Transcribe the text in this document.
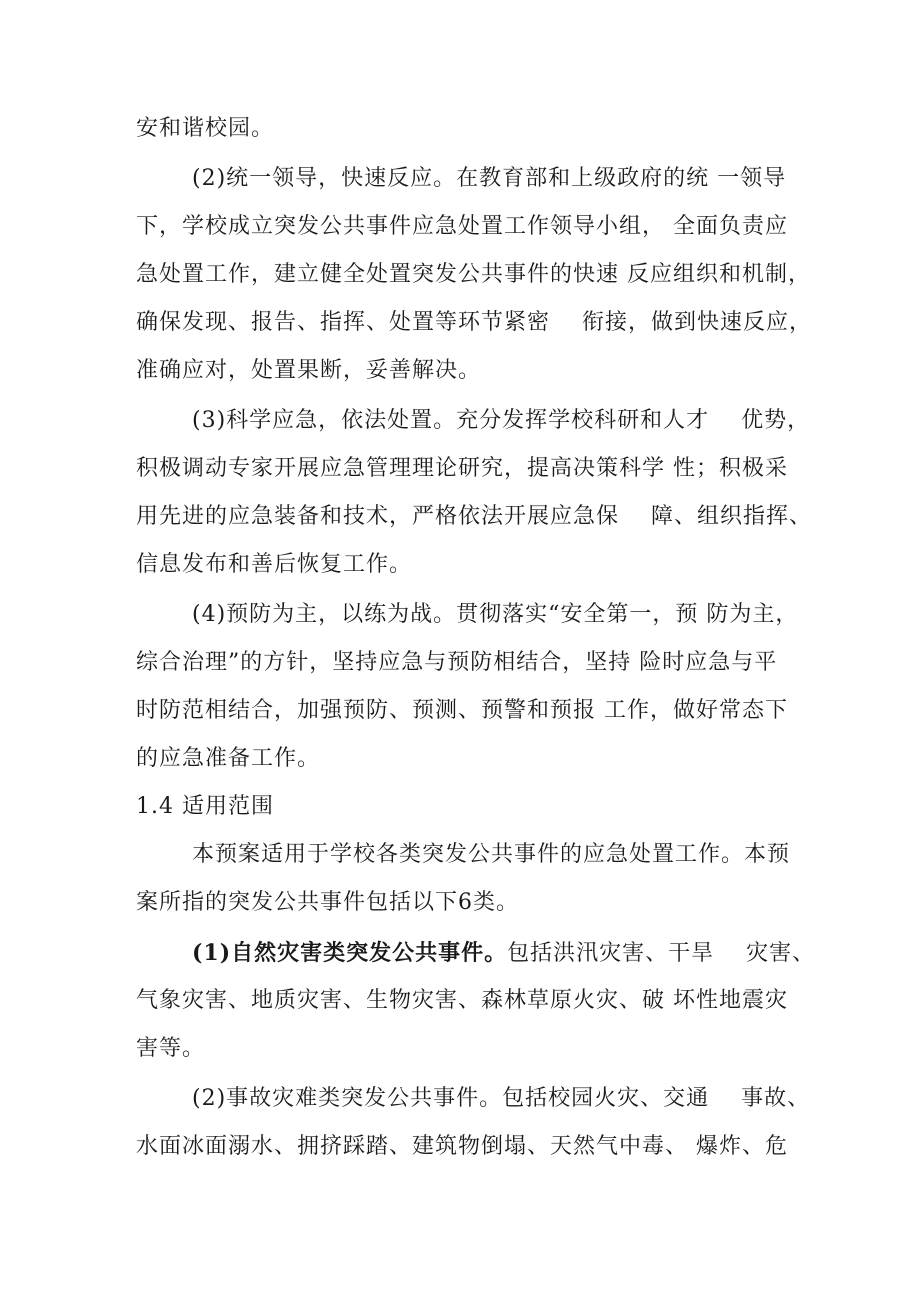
安和谐校园。
(2)统一领导，快速反应。在教育部和上级政府的统 一领导
下，学校成立突发公共事件应急处置工作领导小组， 全面负责应
急处置工作，建立健全处置突发公共事件的快速 反应组织和机制，
确保发现、报告、指挥、处置等环节紧密    衔接，做到快速反应，
准确应对，处置果断，妥善解决。
(3)科学应急，依法处置。充分发挥学校科研和人才    优势，
积极调动专家开展应急管理理论研究，提高决策科学 性；积极采
用先进的应急装备和技术，严格依法开展应急保    障、组织指挥、
信息发布和善后恢复工作。
(4)预防为主，以练为战。贯彻落实“安全第一，预 防为主，
综合治理”的方针，坚持应急与预防相结合，坚持 险时应急与平
时防范相结合，加强预防、预测、预警和预报 工作，做好常态下
的应急准备工作。
1.4 适用范围
本预案适用于学校各类突发公共事件的应急处置工作。本预
案所指的突发公共事件包括以下6类。
(1)自然灾害类突发公共事件。包括洪汛灾害、干旱    灾害、
气象灾害、地质灾害、生物灾害、森林草原火灾、破 坏性地震灾
害等。
(2)事故灾难类突发公共事件。包括校园火灾、交通    事故、
水面冰面溺水、拥挤踩踏、建筑物倒塌、天然气中毒、 爆炸、危
